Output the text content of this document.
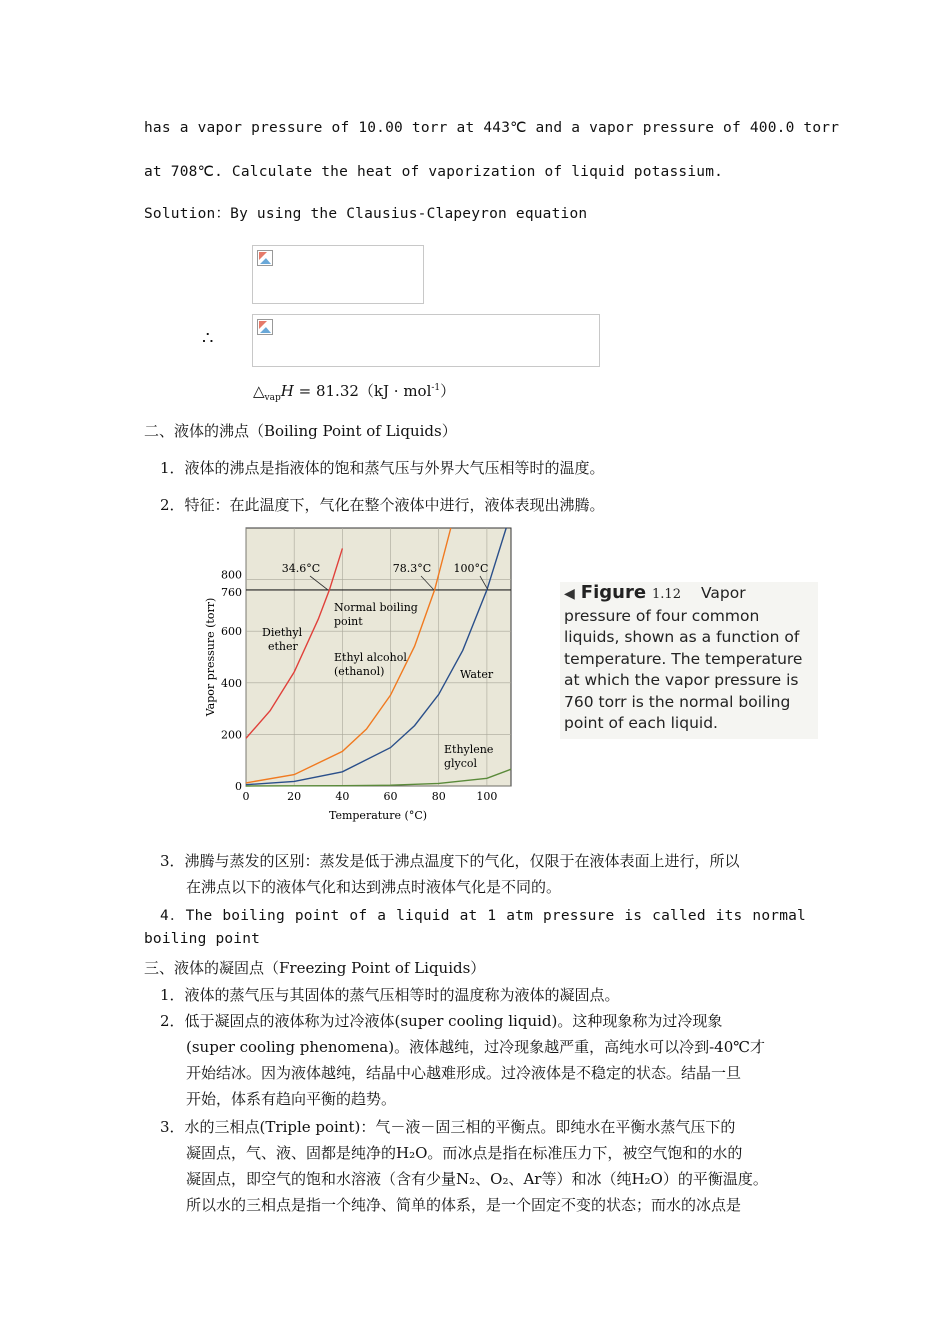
has a vapor pressure of 10.00 torr at 443℃ and a vapor pressure of 400.0 torr
at 708℃. Calculate the heat of vaporization of liquid potassium.
Solution：By using the Clausius-Clapeyron equation
∴
$\triangle_{vap}H = 81.32(kJ \cdot mol^{-1})$
二、液体的沸点（Boiling Point of Liquids）
1．液体的沸点是指液体的饱和蒸气压与外界大气压相等时的温度。
2．特征：在此温度下，气化在整个液体中进行，液体表现出沸腾。
0	20	40	60	80	100
0
200
400
600
760
800
Temperature (°C)
Vapor pressure (torr)
34.6°C	78.3°C 100°C
Normal boiling
point
Diethyl
ether
Ethyl alcohol
(ethanol)	Water
Ethylene
glycol
◀ Figure 1.12 Vapor pressure of four common liquids, shown as a function of temperature. The temperature at which the vapor pressure is 760 torr is the normal boiling point of each liquid.
3．沸腾与蒸发的区别：蒸发是低于沸点温度下的气化，仅限于在液体表面上进行，所以
在沸点以下的液体气化和达到沸点时液体气化是不同的。
4．The boiling point of a liquid at 1 atm pressure is called its normal
boiling point
三、液体的凝固点（Freezing Point of Liquids）
1．液体的蒸气压与其固体的蒸气压相等时的温度称为液体的凝固点。
2．低于凝固点的液体称为过冷液体(super cooling liquid)。这种现象称为过冷现象
(super cooling phenomena)。液体越纯，过冷现象越严重，高纯水可以冷到-40℃才
开始结冰。因为液体越纯，结晶中心越难形成。过冷液体是不稳定的状态。结晶一旦
开始，体系有趋向平衡的趋势。
3．水的三相点(Triple point)：气－液－固三相的平衡点。即纯水在平衡水蒸气压下的
凝固点，气、液、固都是纯净的H₂O。而冰点是指在标准压力下，被空气饱和的水的
凝固点，即空气的饱和水溶液（含有少量N₂、O₂、Ar等）和冰（纯H₂O）的平衡温度。
所以水的三相点是指一个纯净、简单的体系，是一个固定不变的状态；而水的冰点是
